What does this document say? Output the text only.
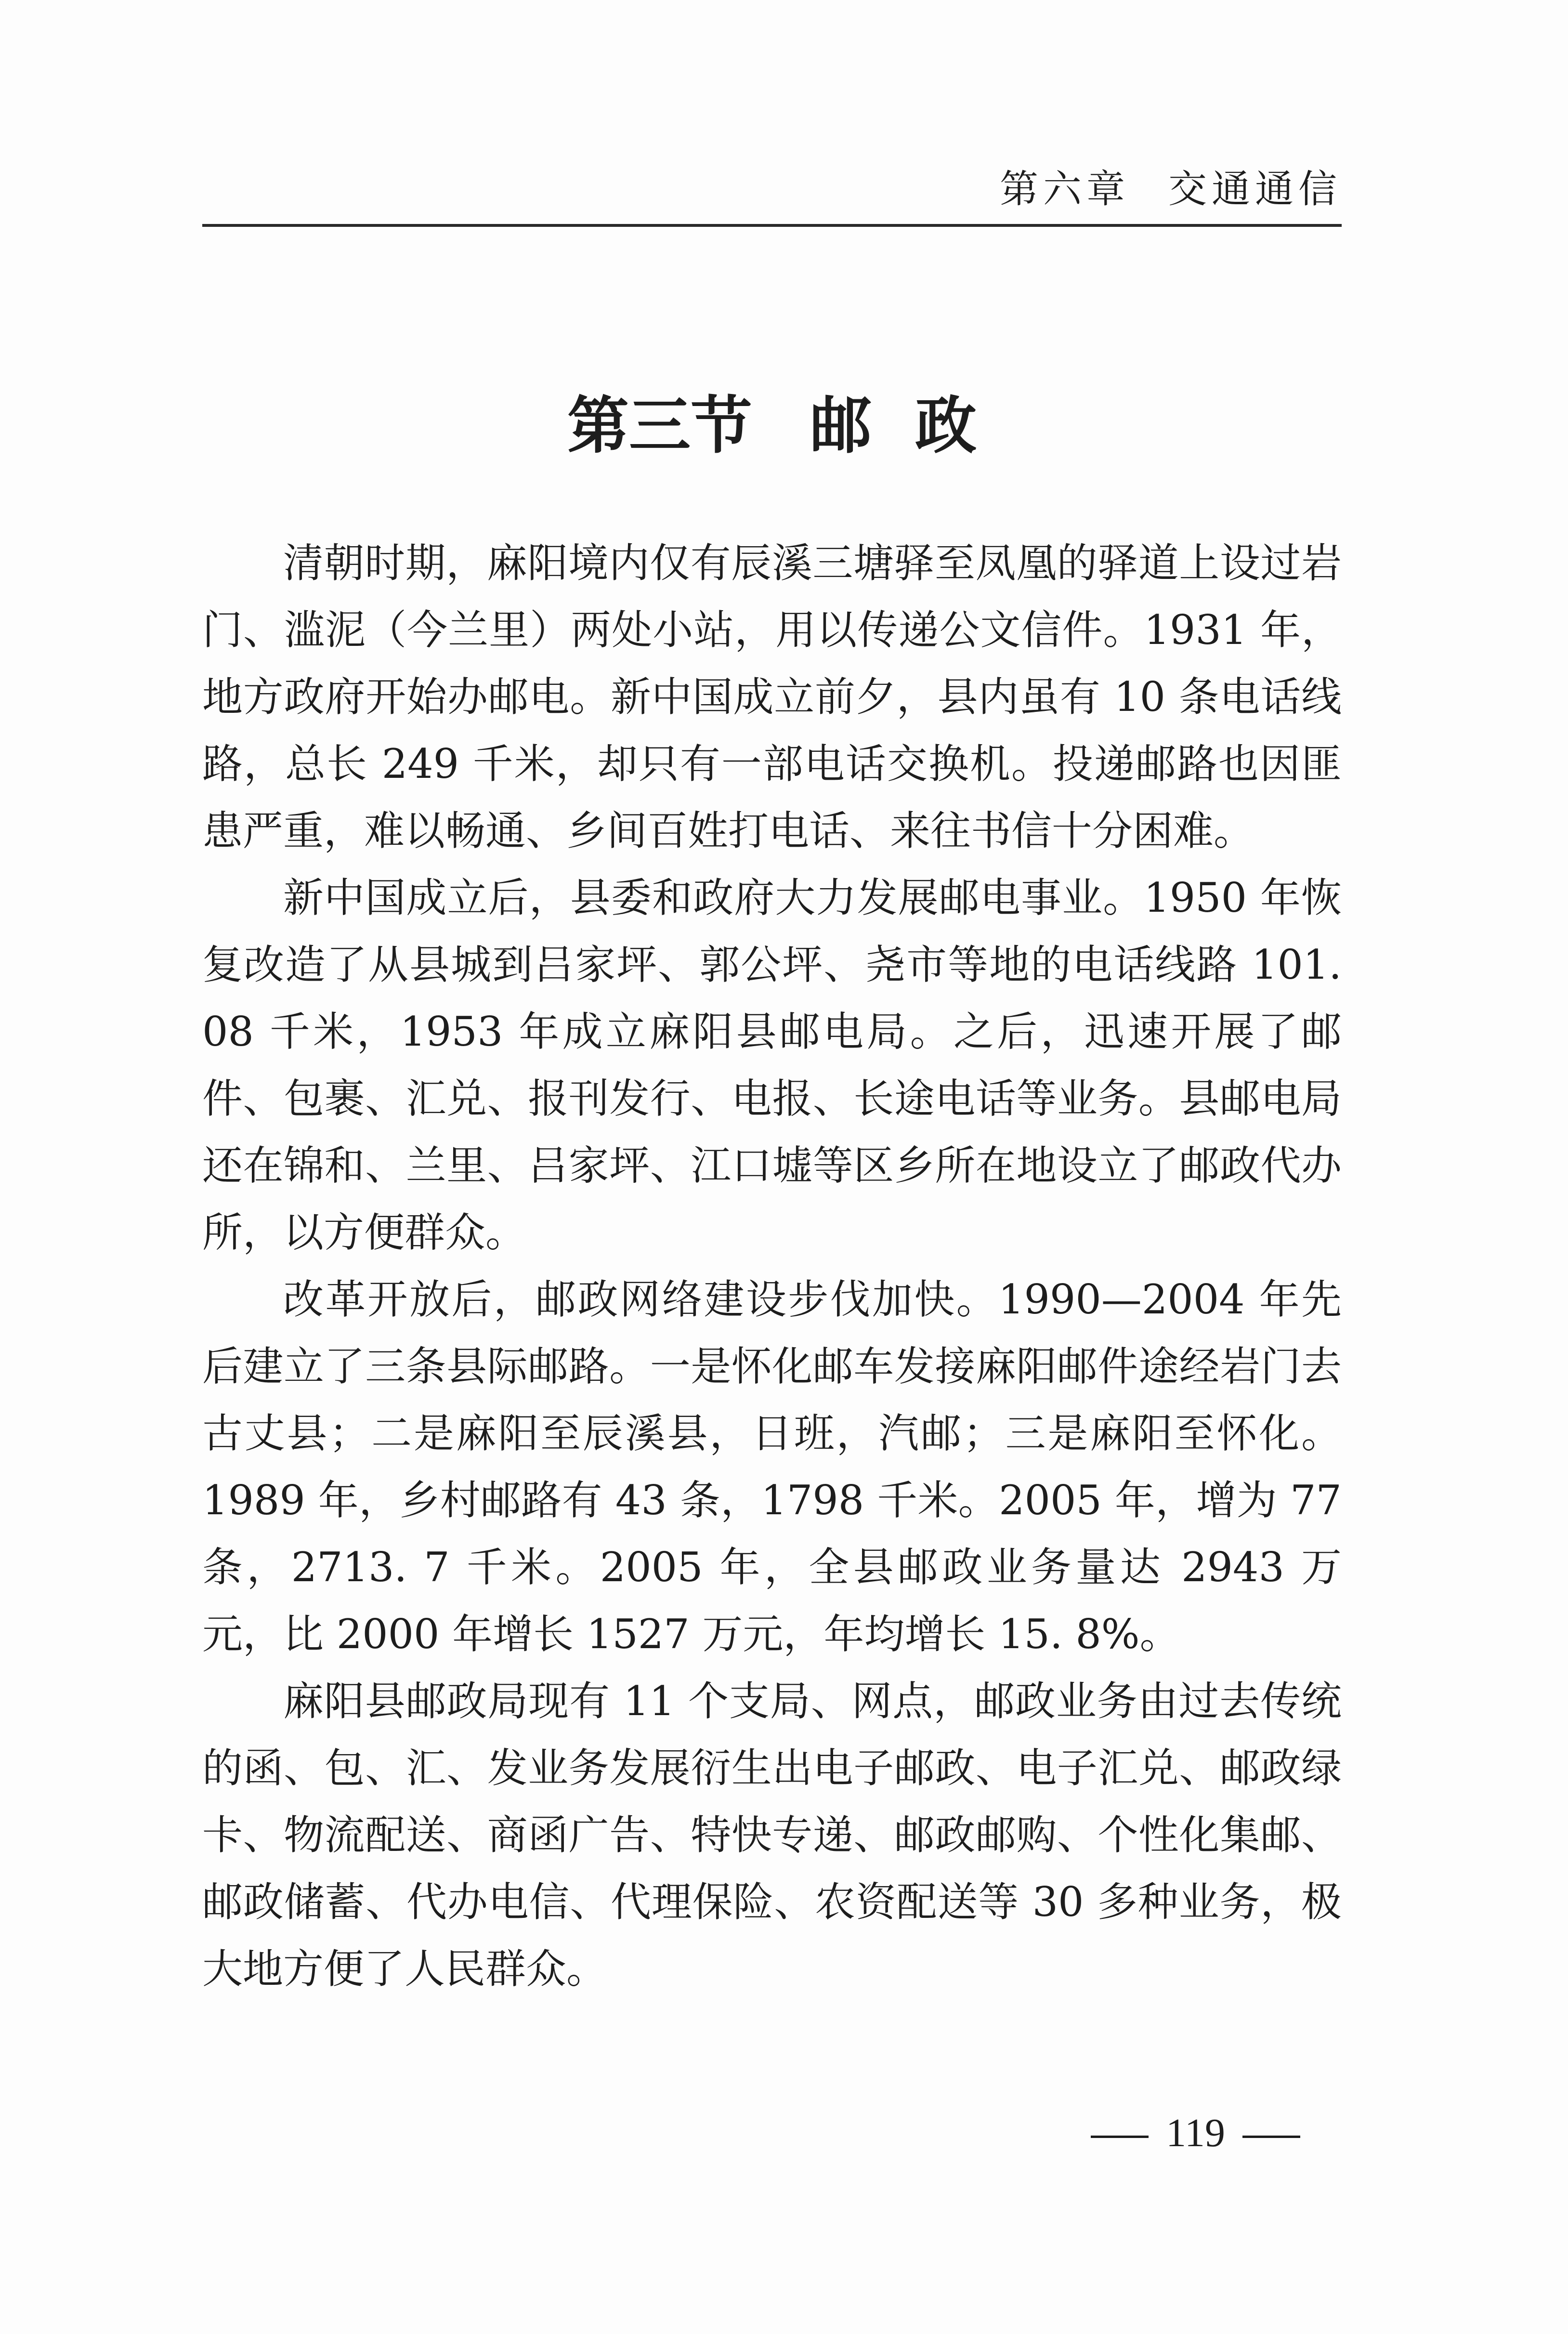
第六章 交通通信
第三节 邮 政

清朝时期，麻阳境内仅有辰溪三塘驿至凤凰的驿道上设过岩门、滥泥（今兰里）两处小站，用以传递公文信件。1931 年，地方政府开始办邮电。新中国成立前夕，县内虽有 10 条电话线路，总长 249 千米，却只有一部电话交换机。投递邮路也因匪患严重，难以畅通、乡间百姓打电话、来往书信十分困难。

新中国成立后，县委和政府大力发展邮电事业。1950 年恢复改造了从县城到吕家坪、郭公坪、尧市等地的电话线路 101. 08 千米，1953 年成立麻阳县邮电局。之后，迅速开展了邮件、包裹、汇兑、报刊发行、电报、长途电话等业务。县邮电局还在锦和、兰里、吕家坪、江口墟等区乡所在地设立了邮政代办所，以方便群众。

改革开放后，邮政网络建设步伐加快。1990—2004 年先后建立了三条县际邮路。一是怀化邮车发接麻阳邮件途经岩门去古丈县；二是麻阳至辰溪县，日班，汽邮；三是麻阳至怀化。1989 年，乡村邮路有 43 条，1798 千米。2005 年，增为 77 条，2713. 7 千米。2005 年，全县邮政业务量达 2943 万元，比 2000 年增长 1527 万元，年均增长 15. 8%。

麻阳县邮政局现有 11 个支局、网点，邮政业务由过去传统的函、包、汇、发业务发展衍生出电子邮政、电子汇兑、邮政绿卡、物流配送、商函广告、特快专递、邮政邮购、个性化集邮、邮政储蓄、代办电信、代理保险、农资配送等 30 多种业务，极大地方便了人民群众。

119
